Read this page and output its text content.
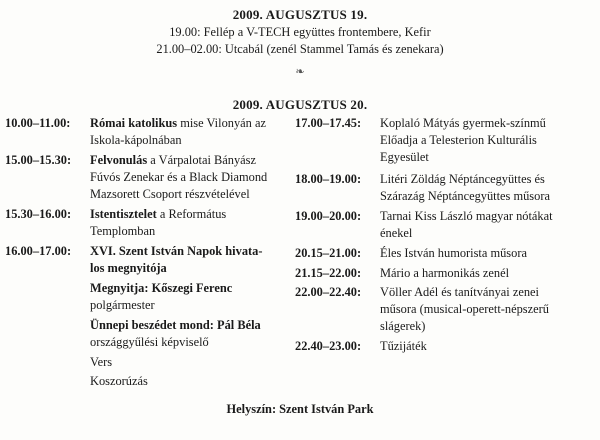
2009. AUGUSZTUS 19.
19.00: Fellép a V-TECH együttes frontembere, Kefir
21.00–02.00: Utcabál (zenél Stammel Tamás és zenekara)
❧
2009. AUGUSZTUS 20.
10.00–11.00: Római katolikus mise Vilonyán az
Iskola-kápolnában
15.00–15.30: Felvonulás a Várpalotai Bányász
Fúvós Zenekar és a Black Diamond
Mazsorett Csoport részvételével
15.30–16.00: Istentisztelet a Református
Templomban
16.00–17.00: XVI. Szent István Napok hivata-
los megnyitója
Megnyitja: Kőszegi Ferenc
polgármester
Ünnepi beszédet mond: Pál Béla
országgyűlési képviselő
Vers
Koszorúzás
17.00–17.45: Koplaló Mátyás gyermek-színmű
Előadja a Telesterion Kulturális
Egyesület
18.00–19.00: Litéri Zöldág Néptáncegyüttes és
Szárazág Néptáncegyüttes műsora
19.00–20.00: Tarnai Kiss László magyar nótákat
énekel
20.15–21.00: Éles István humorista műsora
21.15–22.00: Mário a harmonikás zenél
22.00–22.40: Völler Adél és tanítványai zenei
műsora (musical-operett-népszerű
slágerek)
22.40–23.00: Tűzijáték
Helyszín: Szent István Park
